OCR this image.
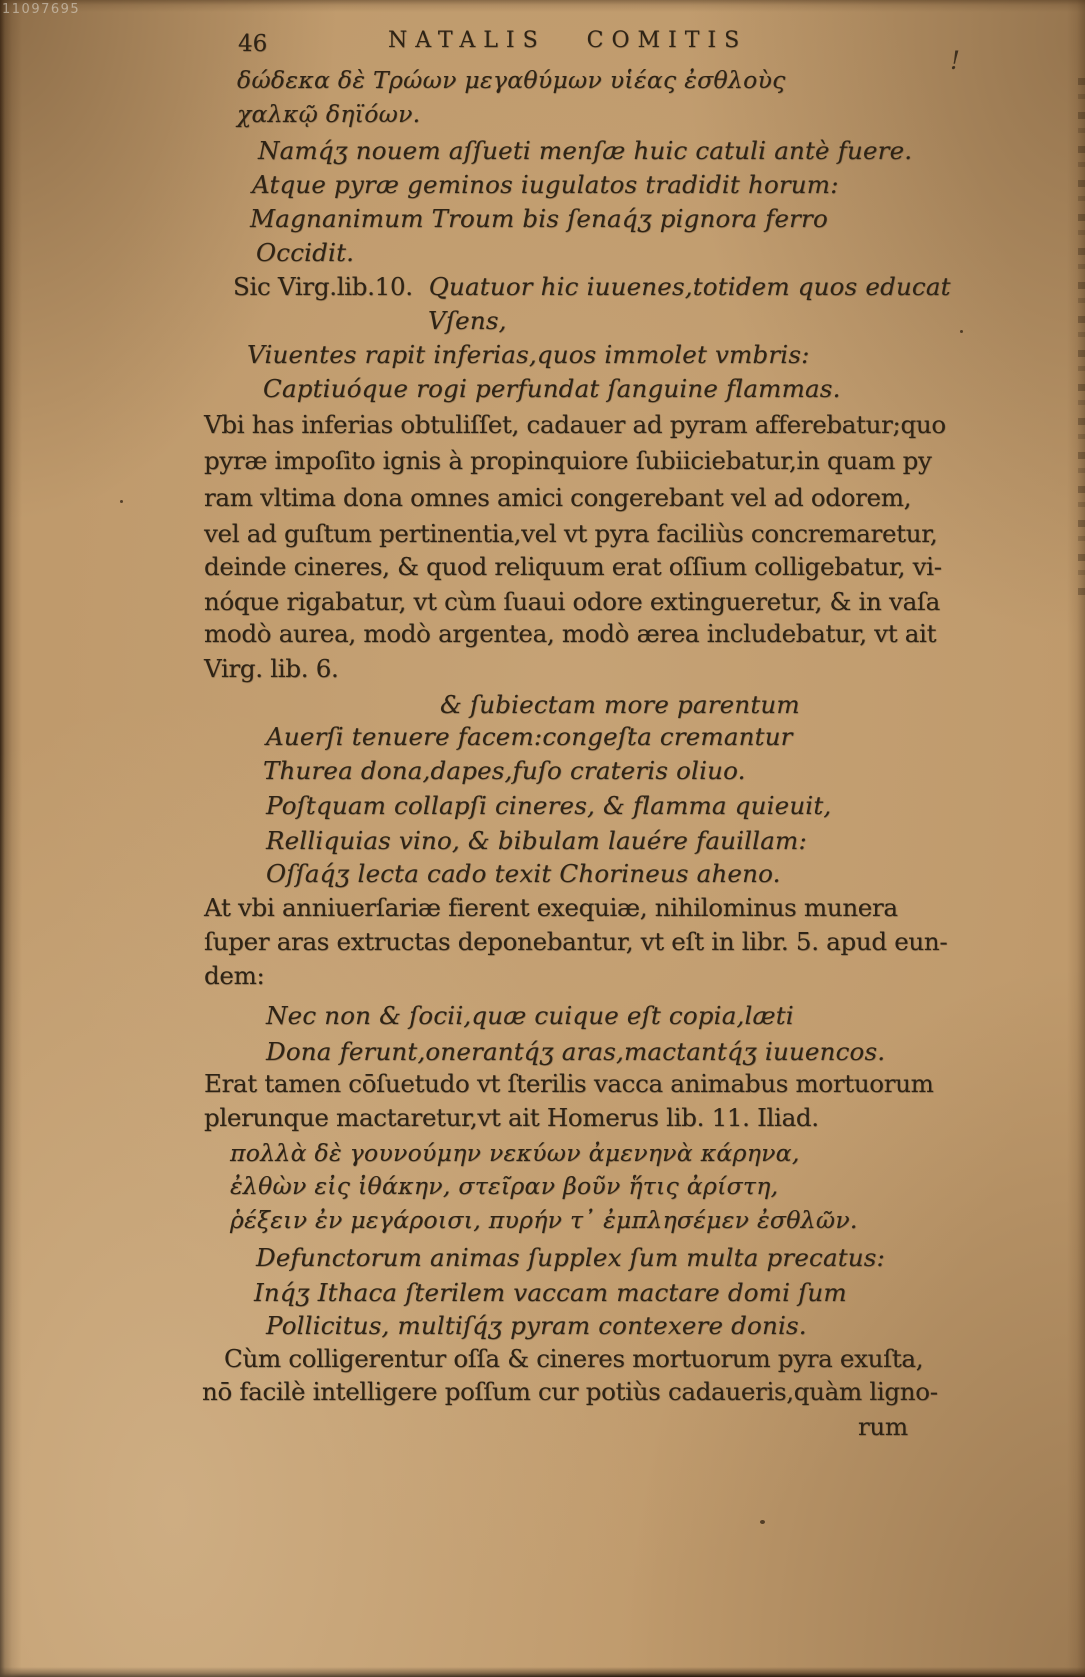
11097695
46	NATALIS COMITIS
!
δώδεκα δὲ Τρώων μεγαθύμων υἱέας ἐσθλοὺς
χαλκῷ δηϊόων.
Namq́ʒ nouem aſſueti menſæ huic catuli antè fuere.
Atque pyræ geminos iugulatos tradidit horum:
Magnanimum Troum bis ſenaq́ʒ pignora ferro
Occidit.
Sic Virg.lib.10. Quatuor hic iuuenes,totidem quos educat
Vſens,
Viuentes rapit inferias,quos immolet vmbris:
Captiuóque rogi perfundat ſanguine flammas.
Vbi has inferias obtuliſſet, cadauer ad pyram afferebatur;quo
pyræ impoſito ignis à propinquiore ſubiiciebatur,in quam py
ram vltima dona omnes amici congerebant vel ad odorem,
vel ad guſtum pertinentia,vel vt pyra faciliùs concremaretur,
deinde cineres, & quod reliquum erat oſſium colligebatur, vi-
nóque rigabatur, vt cùm ſuaui odore extingueretur, & in vaſa
modò aurea, modò argentea, modò ærea includebatur, vt ait
Virg. lib. 6.
& ſubiectam more parentum
Auerſi tenuere facem:congeſta cremantur
Thurea dona,dapes,fuſo crateris oliuo.
Poſtquam collapſi cineres, & flamma quieuit,
Relliquias vino, & bibulam lauére fauillam:
Oſſaq́ʒ lecta cado texit Chorineus aheno.
At vbi anniuerſariæ fierent exequiæ, nihilominus munera
ſuper aras extructas deponebantur, vt eſt in libr. 5. apud eun-
dem:
Nec non & ſocii,quæ cuique eſt copia,læti
Dona ferunt,onerantq́ʒ aras,mactantq́ʒ iuuencos.
Erat tamen cōſuetudo vt ſterilis vacca animabus mortuorum
plerunque mactaretur,vt ait Homerus lib. 11. Iliad.
πολλὰ δὲ γουνούμην νεκύων ἀμενηνὰ κάρηνα,
ἐλθὼν εἰς ἰθάκην, στεῖραν βοῦν ἥτις ἀρίστη,
ῥέξειν ἐν μεγάροισι, πυρήν τ᾽ ἐμπλησέμεν ἐσθλῶν.
Defunctorum animas ſupplex ſum multa precatus:
Inq́ʒ Ithaca ſterilem vaccam mactare domi ſum
Pollicitus, multiſq́ʒ pyram contexere donis.
Cùm colligerentur oſſa & cineres mortuorum pyra exuſta,
nō facilè intelligere poſſum cur potiùs cadaueris,quàm ligno-
rum
